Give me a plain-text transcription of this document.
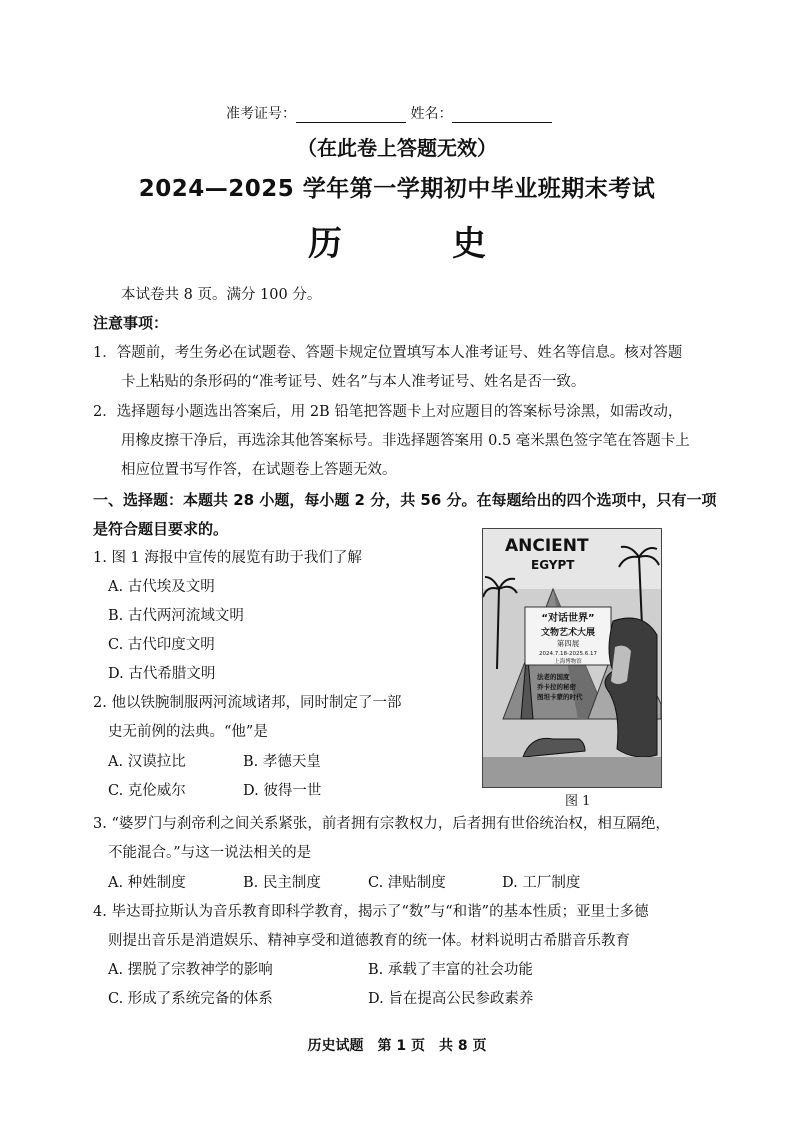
准考证号：	姓名：
（在此卷上答题无效）
2024—2025 学年第一学期初中毕业班期末考试
历	史
本试卷共 8 页。满分 100 分。
注意事项：
1．答题前，考生务必在试题卷、答题卡规定位置填写本人准考证号、姓名等信息。核对答题
卡上粘贴的条形码的“准考证号、姓名”与本人准考证号、姓名是否一致。
2．选择题每小题选出答案后，用 2B 铅笔把答题卡上对应题目的答案标号涂黑，如需改动，
用橡皮擦干净后，再选涂其他答案标号。非选择题答案用 0.5 毫米黑色签字笔在答题卡上
相应位置书写作答，在试题卷上答题无效。
一、选择题：本题共 28 小题，每小题 2 分，共 56 分。在每题给出的四个选项中，只有一项
是符合题目要求的。
1. 图 1 海报中宣传的展览有助于我们了解
A. 古代埃及文明
B. 古代两河流域文明
C. 古代印度文明
D. 古代希腊文明
2. 他以铁腕制服两河流域诸邦，同时制定了一部
史无前例的法典。“他”是
A. 汉谟拉比	B. 孝德天皇
C. 克伦威尔	D. 彼得一世
ANCIENT
EGYPT
“对话世界”
文物艺术大展
第四展
2024.7.18-2025.6.17
上海博物馆
法老的国度
乔卡拉的秘密
图坦卡蒙的时代
图 1
3. “婆罗门与刹帝利之间关系紧张，前者拥有宗教权力，后者拥有世俗统治权，相互隔绝，
不能混合。”与这一说法相关的是
A. 种姓制度	B. 民主制度	C. 津贴制度	D. 工厂制度
4. 毕达哥拉斯认为音乐教育即科学教育，揭示了“数”与“和谐”的基本性质；亚里士多德
则提出音乐是消遣娱乐、精神享受和道德教育的统一体。材料说明古希腊音乐教育
A. 摆脱了宗教神学的影响	B. 承载了丰富的社会功能
C. 形成了系统完备的体系	D. 旨在提高公民参政素养
历史试题　第 1 页　共 8 页
